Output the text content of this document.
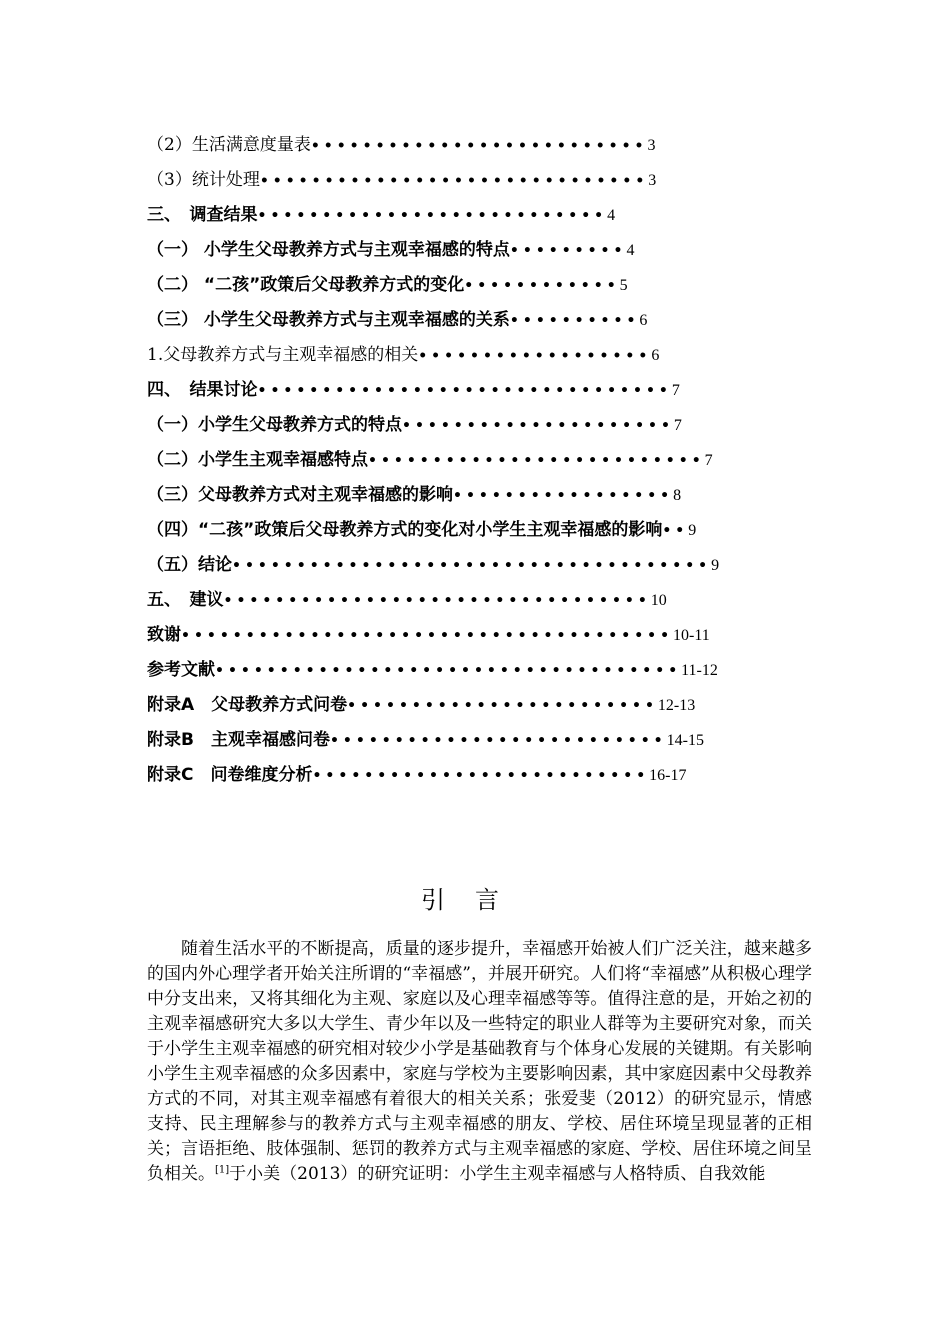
（2）生活满意度量表••••••••••••••••••••••••••3
（3）统计处理••••••••••••••••••••••••••••••3
三、　调查结果•••••••••••••••••••••••••••4
（一） 小学生父母教养方式与主观幸福感的特点•••••••••4
（二） “二孩”政策后父母教养方式的变化••••••••••••5
（三） 小学生父母教养方式与主观幸福感的关系••••••••••6
1.父母教养方式与主观幸福感的相关••••••••••••••••••6
四、　结果讨论••••••••••••••••••••••••••••••••7
（一）小学生父母教养方式的特点•••••••••••••••••••••7
（二）小学生主观幸福感特点••••••••••••••••••••••••••7
（三）父母教养方式对主观幸福感的影响•••••••••••••••••8
（四）“二孩”政策后父母教养方式的变化对小学生主观幸福感的影响••9
（五）结论•••••••••••••••••••••••••••••••••••••9
五、　建议•••••••••••••••••••••••••••••••••10
致谢••••••••••••••••••••••••••••••••••••••10-11
参考文献••••••••••••••••••••••••••••••••••••11-12
附录A　父母教养方式问卷••••••••••••••••••••••••12-13
附录B　主观幸福感问卷••••••••••••••••••••••••••14-15
附录C　问卷维度分析••••••••••••••••••••••••••16-17
引言

随着生活水平的不断提高，质量的逐步提升，幸福感开始被人们广泛关注，越来越多的国内外心理学者开始关注所谓的“幸福感”，并展开研究。人们将“幸福感”从积极心理学中分支出来，又将其细化为主观、家庭以及心理幸福感等等。值得注意的是，开始之初的主观幸福感研究大多以大学生、青少年以及一些特定的职业人群等为主要研究对象，而关于小学生主观幸福感的研究相对较少小学是基础教育与个体身心发展的关键期。有关影响小学生主观幸福感的众多因素中，家庭与学校为主要影响因素，其中家庭因素中父母教养方式的不同，对其主观幸福感有着很大的相关关系；张爱斐（2012）的研究显示，情感支持、民主理解参与的教养方式与主观幸福感的朋友、学校、居住环境呈现显著的正相关；言语拒绝、肢体强制、惩罚的教养方式与主观幸福感的家庭、学校、居住环境之间呈负相关。[1]于小美（2013）的研究证明：小学生主观幸福感与人格特质、自我效能
